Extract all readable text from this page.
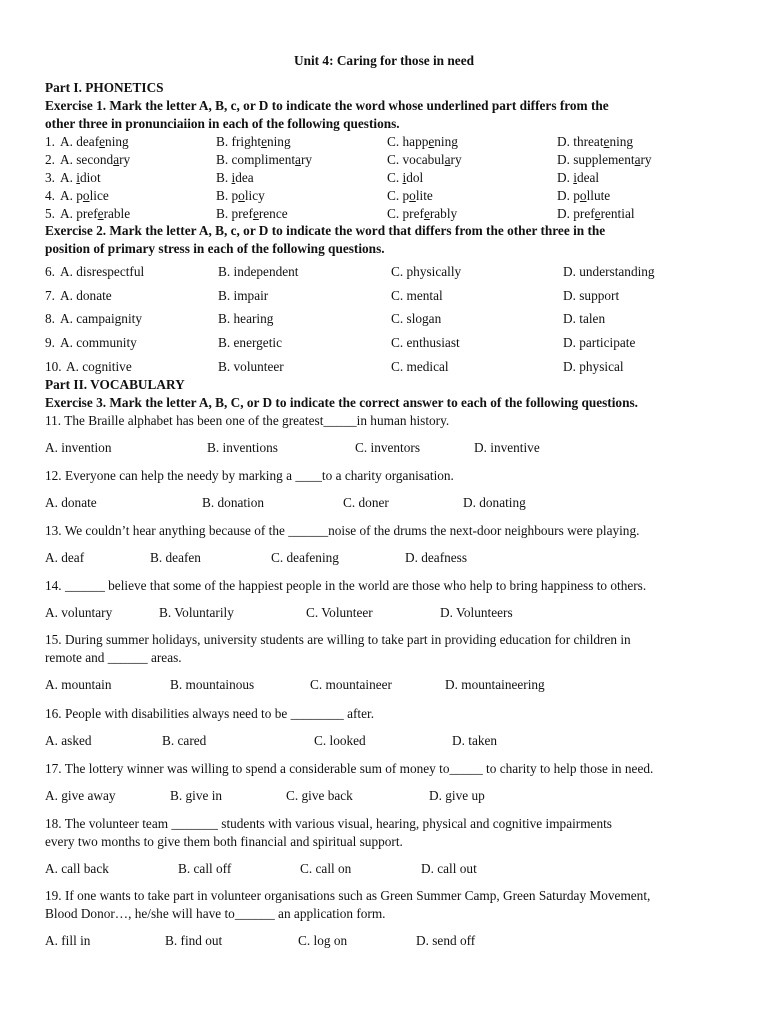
Unit 4: Caring for those in need
Part I. PHONETICS
Exercise 1. Mark the letter A, B, c, or D to indicate the word whose underlined part differs from the
other three in pronunciaiion in each of the following questions.
1. A. deafening	B. frightening	C. happening	D. threatening
2. A. secondary	B. complimentary	C. vocabulary	D. supplementary
3. A. idiot	B. idea	C. idol	D. ideal
4. A. police	B. policy	C. polite	D. pollute
5. A. preferable	B. preference	C. preferably	D. preferential
Exercise 2. Mark the letter A, B, c, or D to indicate the word that differs from the other three in the
position of primary stress in each of the following questions.
6. A. disrespectful	B. independent	C. physically	D. understanding
7. A. donate	B. impair	C. mental	D. support
8. A. campaignity	B. hearing	C. slogan	D. talen
9. A. community	B. energetic	C. enthusiast	D. participate
10. A. cognitive	B. volunteer	C. medical	D. physical
Part II. VOCABULARY
Exercise 3. Mark the letter A, B, C, or D to indicate the correct answer to each of the following questions.
11. The Braille alphabet has been one of the greatest_____in human history.
A. invention	B. inventions	C. inventors	D. inventive
12. Everyone can help the needy by marking a ____to a charity organisation.
A. donate	B. donation	C. doner	D. donating
13. We couldn’t hear anything because of the ______noise of the drums the next-door neighbours were playing.
A. deaf	B. deafen	C. deafening	D. deafness
14. ______ believe that some of the happiest people in the world are those who help to bring happiness to others.
A. voluntary	B. Voluntarily	C. Volunteer	D. Volunteers
15. During summer holidays, university students are willing to take part in providing education for children in
remote and ______ areas.
A. mountain	B. mountainous	C. mountaineer	D. mountaineering
16. People with disabilities always need to be ________ after.
A. asked	B. cared	C. looked	D. taken
17. The lottery winner was willing to spend a considerable sum of money to_____ to charity to help those in need.
A. give away	B. give in	C. give back	D. give up
18. The volunteer team _______ students with various visual, hearing, physical and cognitive impairments
every two months to give them both financial and spiritual support.
A. call back	B. call off	C. call on	D. call out
19. If one wants to take part in volunteer organisations such as Green Summer Camp, Green Saturday Movement,
Blood Donor…, he/she will have to______ an application form.
A. fill in	B. find out	C. log on	D. send off
